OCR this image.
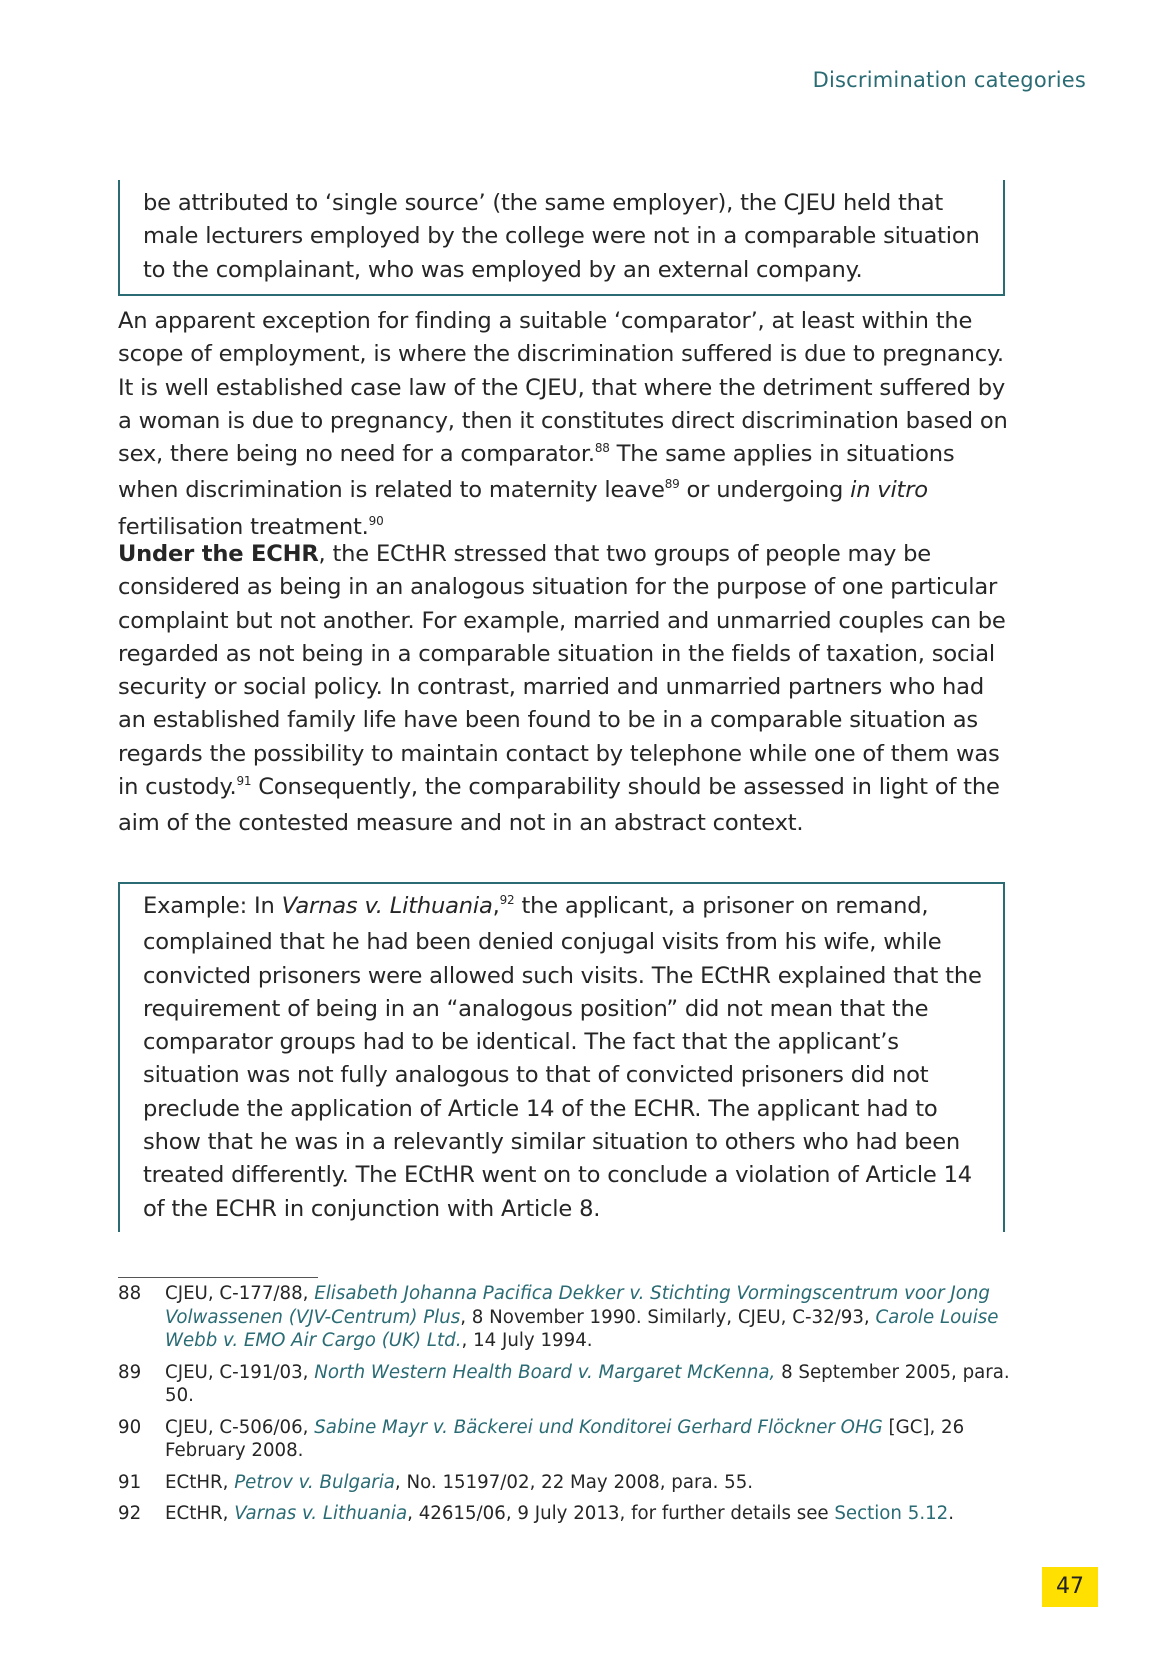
Discrimination categories

be attributed to ‘single source’ (the same employer), the CJEU held that male lecturers employed by the college were not in a comparable situation to the complainant, who was employed by an external company.

An apparent exception for finding a suitable ‘comparator’, at least within the scope of employment, is where the discrimination suffered is due to pregnancy. It is well established case law of the CJEU, that where the detriment suffered by a woman is due to pregnancy, then it constitutes direct discrimination based on sex, there being no need for a comparator.$^{88}$ The same applies in situations when discrimination is related to maternity leave$^{89}$ or undergoing in vitro fertilisation treatment.$^{90}$

Under the ECHR, the ECtHR stressed that two groups of people may be considered as being in an analogous situation for the purpose of one particular complaint but not another. For example, married and unmarried couples can be regarded as not being in a comparable situation in the fields of taxation, social security or social policy. In contrast, married and unmarried partners who had an established family life have been found to be in a comparable situation as regards the possibility to maintain contact by telephone while one of them was in custody.$^{91}$ Consequently, the comparability should be assessed in light of the aim of the contested measure and not in an abstract context.

Example: In Varnas v. Lithuania,$^{92}$ the applicant, a prisoner on remand, complained that he had been denied conjugal visits from his wife, while convicted prisoners were allowed such visits. The ECtHR explained that the requirement of being in an “analogous position” did not mean that the comparator groups had to be identical. The fact that the applicant’s situation was not fully analogous to that of convicted prisoners did not preclude the application of Article 14 of the ECHR. The applicant had to show that he was in a relevantly similar situation to others who had been treated differently. The ECtHR went on to conclude a violation of Article 14 of the ECHR in conjunction with Article 8.

88	CJEU, C-177/88, Elisabeth Johanna Pacifica Dekker v. Stichting Vormingscentrum voor Jong Volwassenen (VJV-Centrum) Plus, 8 November 1990. Similarly, CJEU, C-32/93, Carole Louise Webb v. EMO Air Cargo (UK) Ltd., 14 July 1994.
89	CJEU, C-191/03, North Western Health Board v. Margaret McKenna, 8 September 2005, para. 50.
90	CJEU, C-506/06, Sabine Mayr v. Bäckerei und Konditorei Gerhard Flöckner OHG [GC], 26 February 2008.
91	ECtHR, Petrov v. Bulgaria, No. 15197/02, 22 May 2008, para. 55.
92	ECtHR, Varnas v. Lithuania, 42615/06, 9 July 2013, for further details see Section 5.12.
47
